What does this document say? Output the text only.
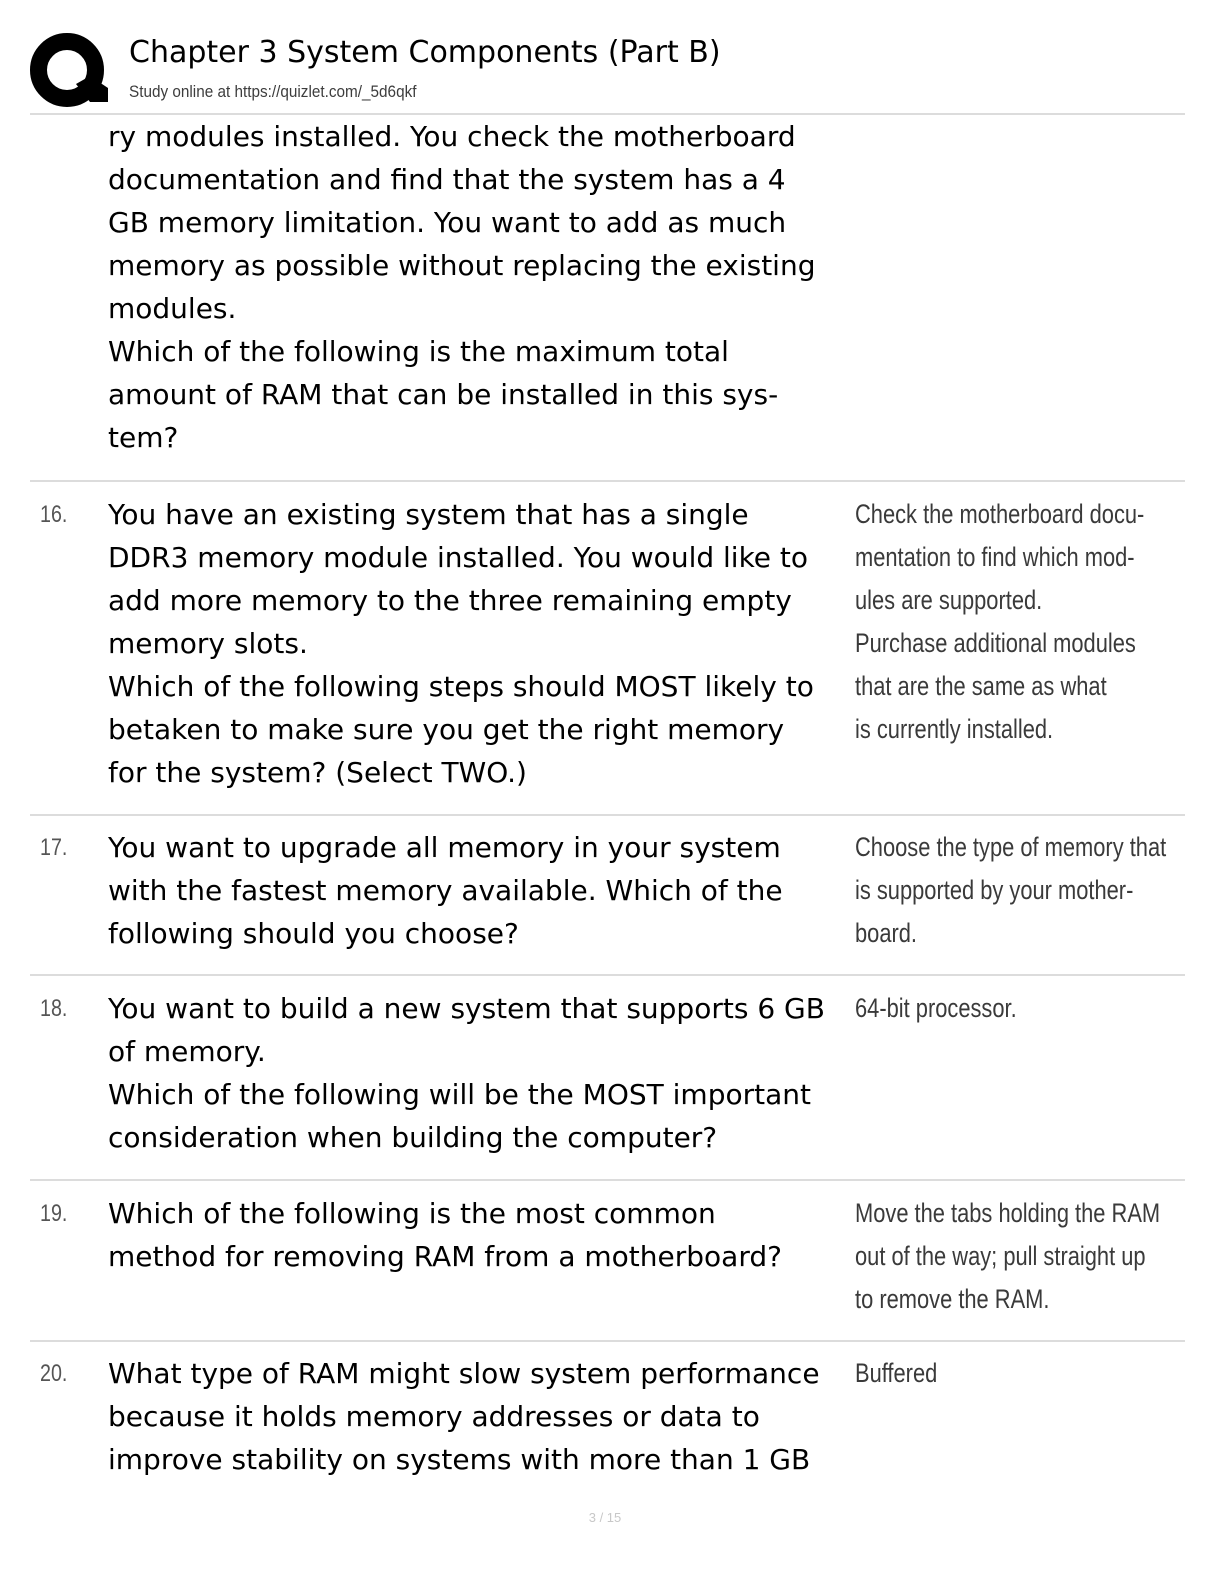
Chapter 3 System Components (Part B)
Study online at https://quizlet.com/_5d6qkf

ry modules installed. You check the motherboard
documentation and find that the system has a 4
GB memory limitation. You want to add as much
memory as possible without replacing the existing
modules.
Which of the following is the maximum total
amount of RAM that can be installed in this sys-
tem?

16. You have an existing system that has a single
DDR3 memory module installed. You would like to
add more memory to the three remaining empty
memory slots.
Which of the following steps should MOST likely to
betaken to make sure you get the right memory
for the system? (Select TWO.)

Check the motherboard docu-
mentation to find which mod-
ules are supported.
Purchase additional modules
that are the same as what
is currently installed.
17. You want to upgrade all memory in your system
with the fastest memory available. Which of the
following should you choose?

Choose the type of memory that
is supported by your mother-
board.
18. You want to build a new system that supports 6 GB
of memory.
Which of the following will be the MOST important
consideration when building the computer?

64-bit processor.
19. Which of the following is the most common
method for removing RAM from a motherboard?

Move the tabs holding the RAM
out of the way; pull straight up
to remove the RAM.
20. What type of RAM might slow system performance
because it holds memory addresses or data to
improve stability on systems with more than 1 GB

Buffered
3 / 15
